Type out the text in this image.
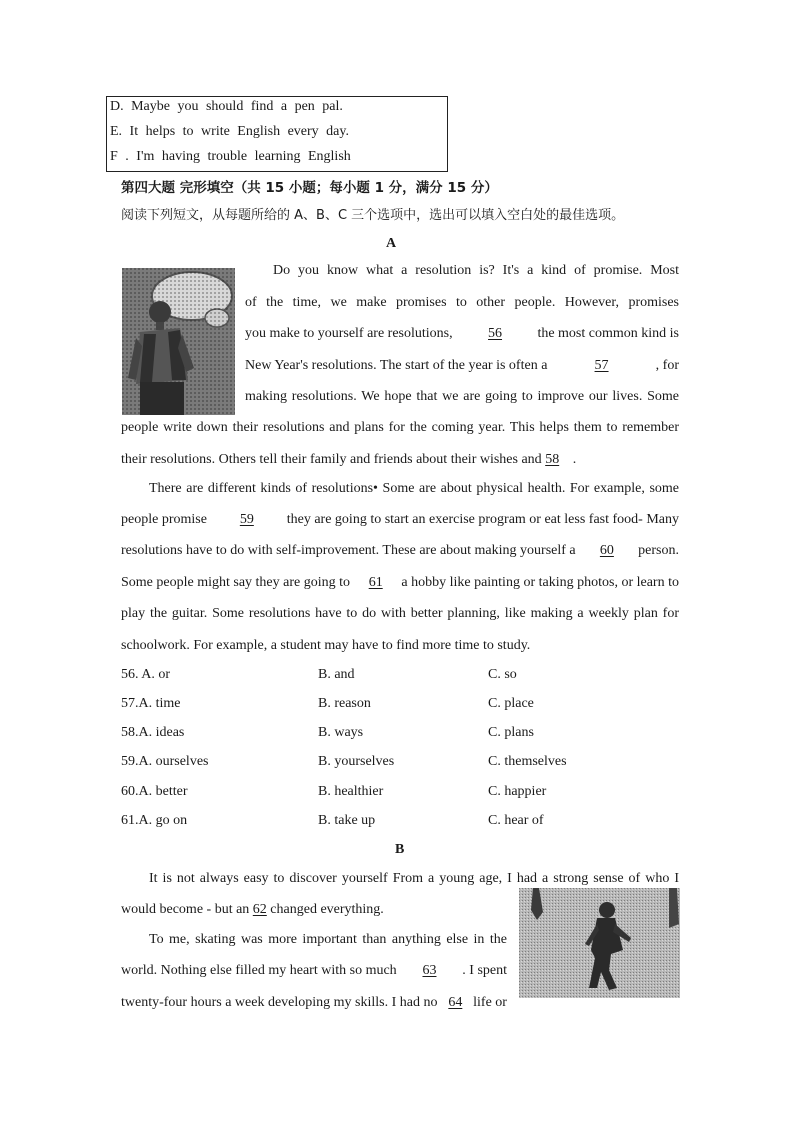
D. Maybe you should find a pen pal.
E. It helps to write English every day.
F . I'm having trouble learning English
第四大题 完形填空（共 15 小题；每小题 1 分，满分 15 分）
阅读下列短文，从每题所给的 A、B、C 三个选项中，选出可以填入空白处的最佳选项。
A
Do you know what a resolution is? It's a kind of promise. Most
of the time, we make promises to other people. However, promises
you make to yourself are resolutions,	56	the most common kind is
New Year's resolutions. The start of the year is often a	57	, for
making resolutions. We hope that we are going to improve our lives. Some
people write down their resolutions and plans for the coming year. This helps them to remember
their resolutions. Others tell their family and friends about their wishes and 58 .
There are different kinds of resolutions• Some are about physical health. For example, some
people promise 59 they are going to start an exercise program or eat less fast food- Many
resolutions have to do with self-improvement. These are about making yourself a	60	person.
Some people might say they are going to 61 a hobby like painting or taking photos, or learn to
play the guitar. Some resolutions have to do with better planning, like making a weekly plan for
schoolwork. For example, a student may have to find more time to study.
56. A. or	B. and	C. so
57.A. time	B. reason	C. place
58.A. ideas	B. ways	C. plans
59.A. ourselves	B. yourselves	C. themselves
60.A. better	B. healthier	C. happier
61.A. go on	B. take up	C. hear of
B
It is not always easy to discover yourself From a young age, I had a strong sense of who I
would become - but an 62 changed everything.
To me, skating was more important than anything else in the
world. Nothing else filled my heart with so much 63 . I spent
twenty-four hours a week developing my skills. I had no 64 life or
